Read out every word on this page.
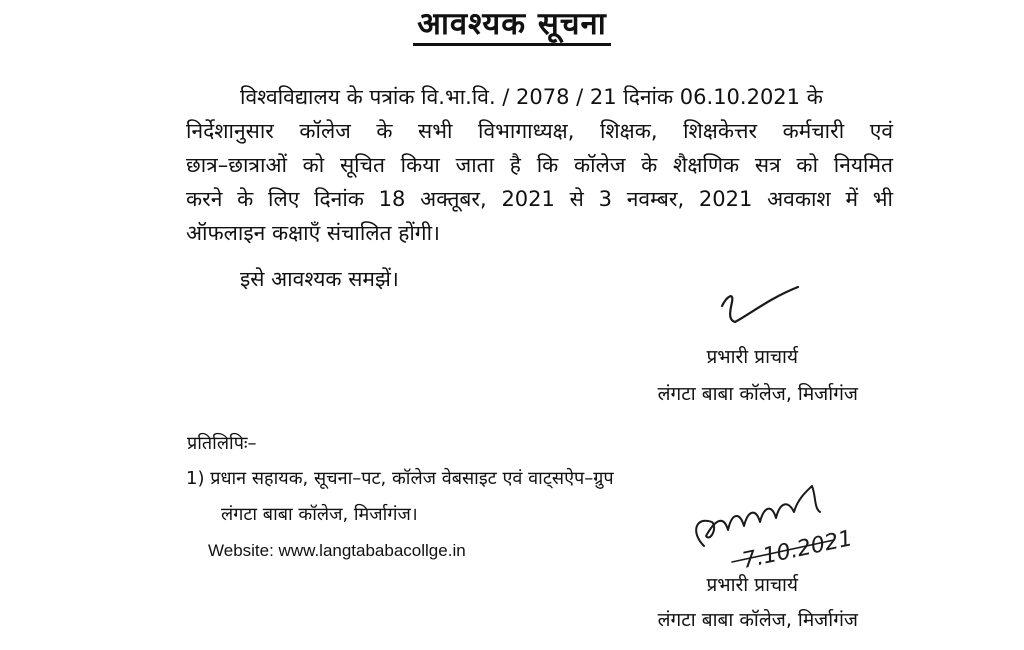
आवश्यक सूचना
विश्वविद्यालय के पत्रांक वि.भा.वि. / 2078 / 21 दिनांक 06.10.2021 के
निर्देशानुसार कॉलेज के सभी विभागाध्यक्ष, शिक्षक, शिक्षकेत्तर कर्मचारी एवं
छात्र–छात्राओं को सूचित किया जाता है कि कॉलेज के शैक्षणिक सत्र को नियमित
करने के लिए दिनांक 18 अक्तूबर, 2021 से 3 नवम्बर, 2021 अवकाश में भी
ऑफलाइन कक्षाएँ संचालित होंगी।
इसे आवश्यक समझें।
प्रभारी प्राचार्य
लंगटा बाबा कॉलेज, मिर्जागंज
प्रतिलिपिः–
1) प्रधान सहायक, सूचना–पट, कॉलेज वेबसाइट एवं वाट्सऐप–ग्रुप
लंगटा बाबा कॉलेज, मिर्जागंज।
Website: www.langtababacollge.in	7.10.2021
प्रभारी प्राचार्य
लंगटा बाबा कॉलेज, मिर्जागंज
